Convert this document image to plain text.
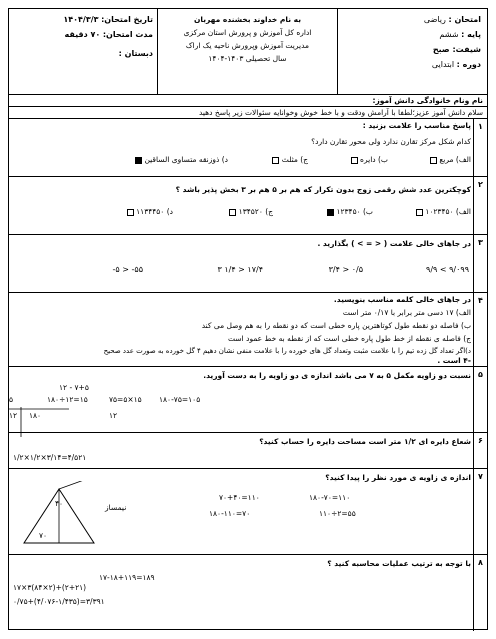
امتحان : ریاضی
پایه : ششم
شیفت: صبح
دوره : ابتدایی
به نام خداوند بخشنده مهربان
اداره کل آموزش و پرورش استان مرکزی
مدیریت آموزش وپرورش ناحیه یک اراک
سال تحصیلی ۱۴۰۳-۱۴۰۴
تاریخ امتحان: ۱۴۰۴/۳/۳
مدت امتحان: ۷۰ دقیقه
دبستان :
نام ونام خانوادگی دانش آموز:
سلام دانش آموز عزیز؛لطفا با آرامش ودقت و با خط خوش وخوانایه سئوالات زیر پاسخ دهید
۱
پاسخ مناسب را علامت بزنید :
کدام شکل مرکز تقارن ندارد ولی محور تقارن دارد؟
الف) مربع
ب) دایره
ج) مثلث
د) ذوزنقه متساوی الساقین
۲
کوچکترین عدد شش رقمی زوج بدون تکرار که هم بر ۵ هم بر ۳ بخش پذیر باشد ؟
الف) ۱۰۲۳۴۵۰
ب) ۱۲۳۴۵۰
ج) ۱۳۴۵۲۰
د) ۱۱۳۴۴۵۰
۳
در جاهای خالی علامت ( < = > ) بگذارید .
۹/۹ < ۹/۰۹۹
۳/۴ > ۰/۵
۳ ۱/۴ > ۱۷/۴
-۵ > -۵۵
۴
در جاهای خالی کلمه مناسب بنویسید.
الف) ۱۷ دسی متر برابر با ۰/۱۷ متر است
ب) فاصله دو نقطه طول کوتاهترین پاره خطی است که دو نقطه را به هم وصل می کند
ج) فاصله ی نقطه از خط طول پاره خطی است که از نقطه به خط عمود است
د)اگر تعداد گل زده تیم را با علامت مثبت وتعداد گل های خورده را با علامت منفی نشان دهیم ۴ گل خورده به صورت عدد صحیح
-۴ است .
۵
نسبت دو زاویه مکمل ۵ به ۷ می باشد اندازه ی دو زاویه را به دست آورید.
۱۲ - ۷+۵
۱۸۰÷۱۲=۱۵	۷۵=۵×۱۵ ۱۸۰-۷۵=۱۰۵
۵
۱۲
۱۸۰
۱۲
۶
شعاع دایره ای ۱/۲ متر است مساحت دایره را حساب کنید؟
۱/۲×۱/۲×۳/۱۴=۴/۵۲۱
۷
اندازه ی زاویه ی مورد نظر را پیدا کنید؟
۷۰+۴۰=۱۱۰
۱۸۰-۱۱۰=۷۰
۱۸۰-۷۰=۱۱۰
۱۱۰÷۲=۵۵
۴۰
۷۰
نیمساز
۸
با توجه به ترتیب عملیات محاسبه کنید ؟
۱۷-۱۸+۱۱۹=۱۸۹
۱۷×۳(۸۴×۲)+(۲+۲۱)
۰/۷۵+(۴/۰۷۶-۱/۴۳۵)=۳/۳۹۱
